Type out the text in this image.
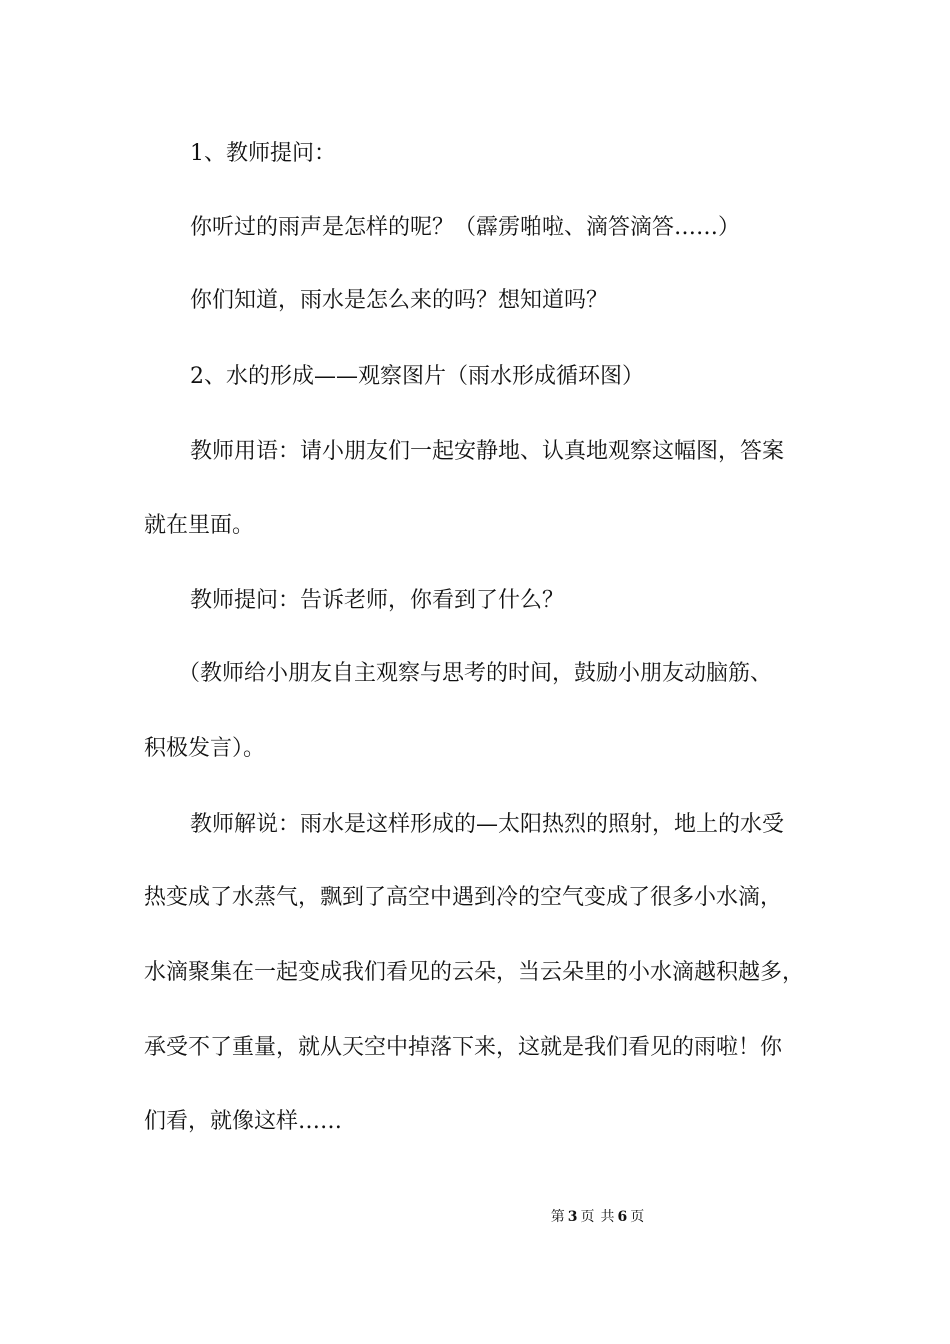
1、教师提问：
你听过的雨声是怎样的呢？（霹雳啪啦、滴答滴答……）
你们知道，雨水是怎么来的吗？想知道吗？
2、水的形成——观察图片（雨水形成循环图）
教师用语：请小朋友们一起安静地、认真地观察这幅图，答案
就在里面。
教师提问：告诉老师，你看到了什么？
（教师给小朋友自主观察与思考的时间，鼓励小朋友动脑筋、
积极发言）。
教师解说：雨水是这样形成的—太阳热烈的照射，地上的水受
热变成了水蒸气，飘到了高空中遇到冷的空气变成了很多小水滴，
水滴聚集在一起变成我们看见的云朵，当云朵里的小水滴越积越多，
承受不了重量，就从天空中掉落下来，这就是我们看见的雨啦！你
们看，就像这样……
第 3 页 共 6 页
